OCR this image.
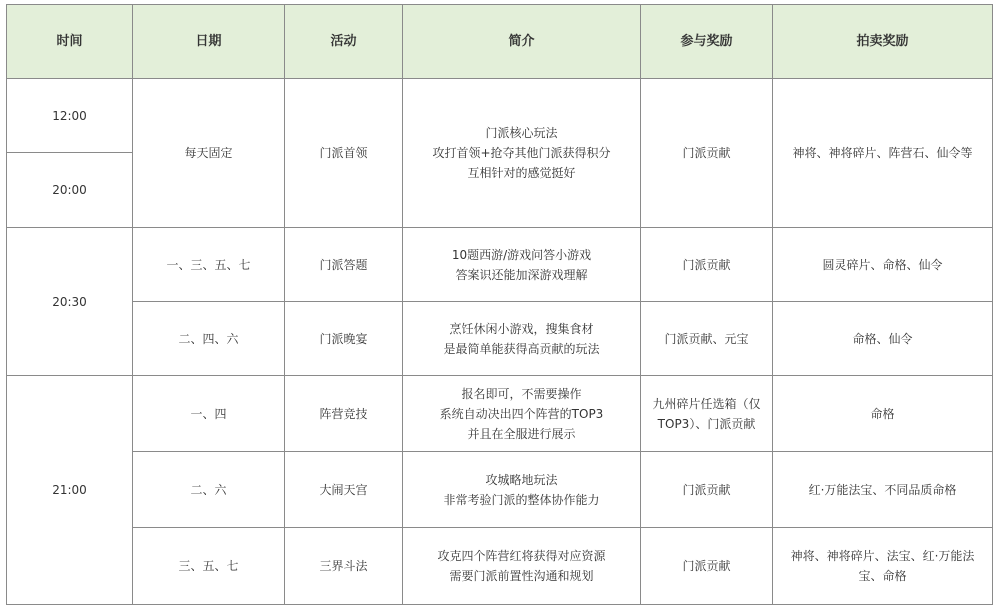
时间	日期	活动	简介	参与奖励	拍卖奖励
12:00	每天固定	门派首领	门派核心玩法
攻打首领+抢夺其他门派获得积分
互相针对的感觉挺好	门派贡献	神将、神将碎片、阵营石、仙令等

20:00					
20:30	一、三、五、七	门派答题	10题西游/游戏问答小游戏
答案识还能加深游戏理解	门派贡献	圆灵碎片、命格、仙令

	二、四、六	门派晚宴	烹饪休闲小游戏，搜集食材
是最简单能获得高贡献的玩法	门派贡献、元宝	命格、仙令

21:00	一、四	阵营竞技	报名即可，不需要操作
系统自动决出四个阵营的TOP3
并且在全服进行展示	九州碎片任选箱（仅
TOP3）、门派贡献	命格

	二、六	大闹天宫	攻城略地玩法
非常考验门派的整体协作能力	门派贡献	红·万能法宝、不同品质命格

	三、五、七	三界斗法	攻克四个阵营红将获得对应资源
需要门派前置性沟通和规划	门派贡献	神将、神将碎片、法宝、红·万能法
宝、命格
